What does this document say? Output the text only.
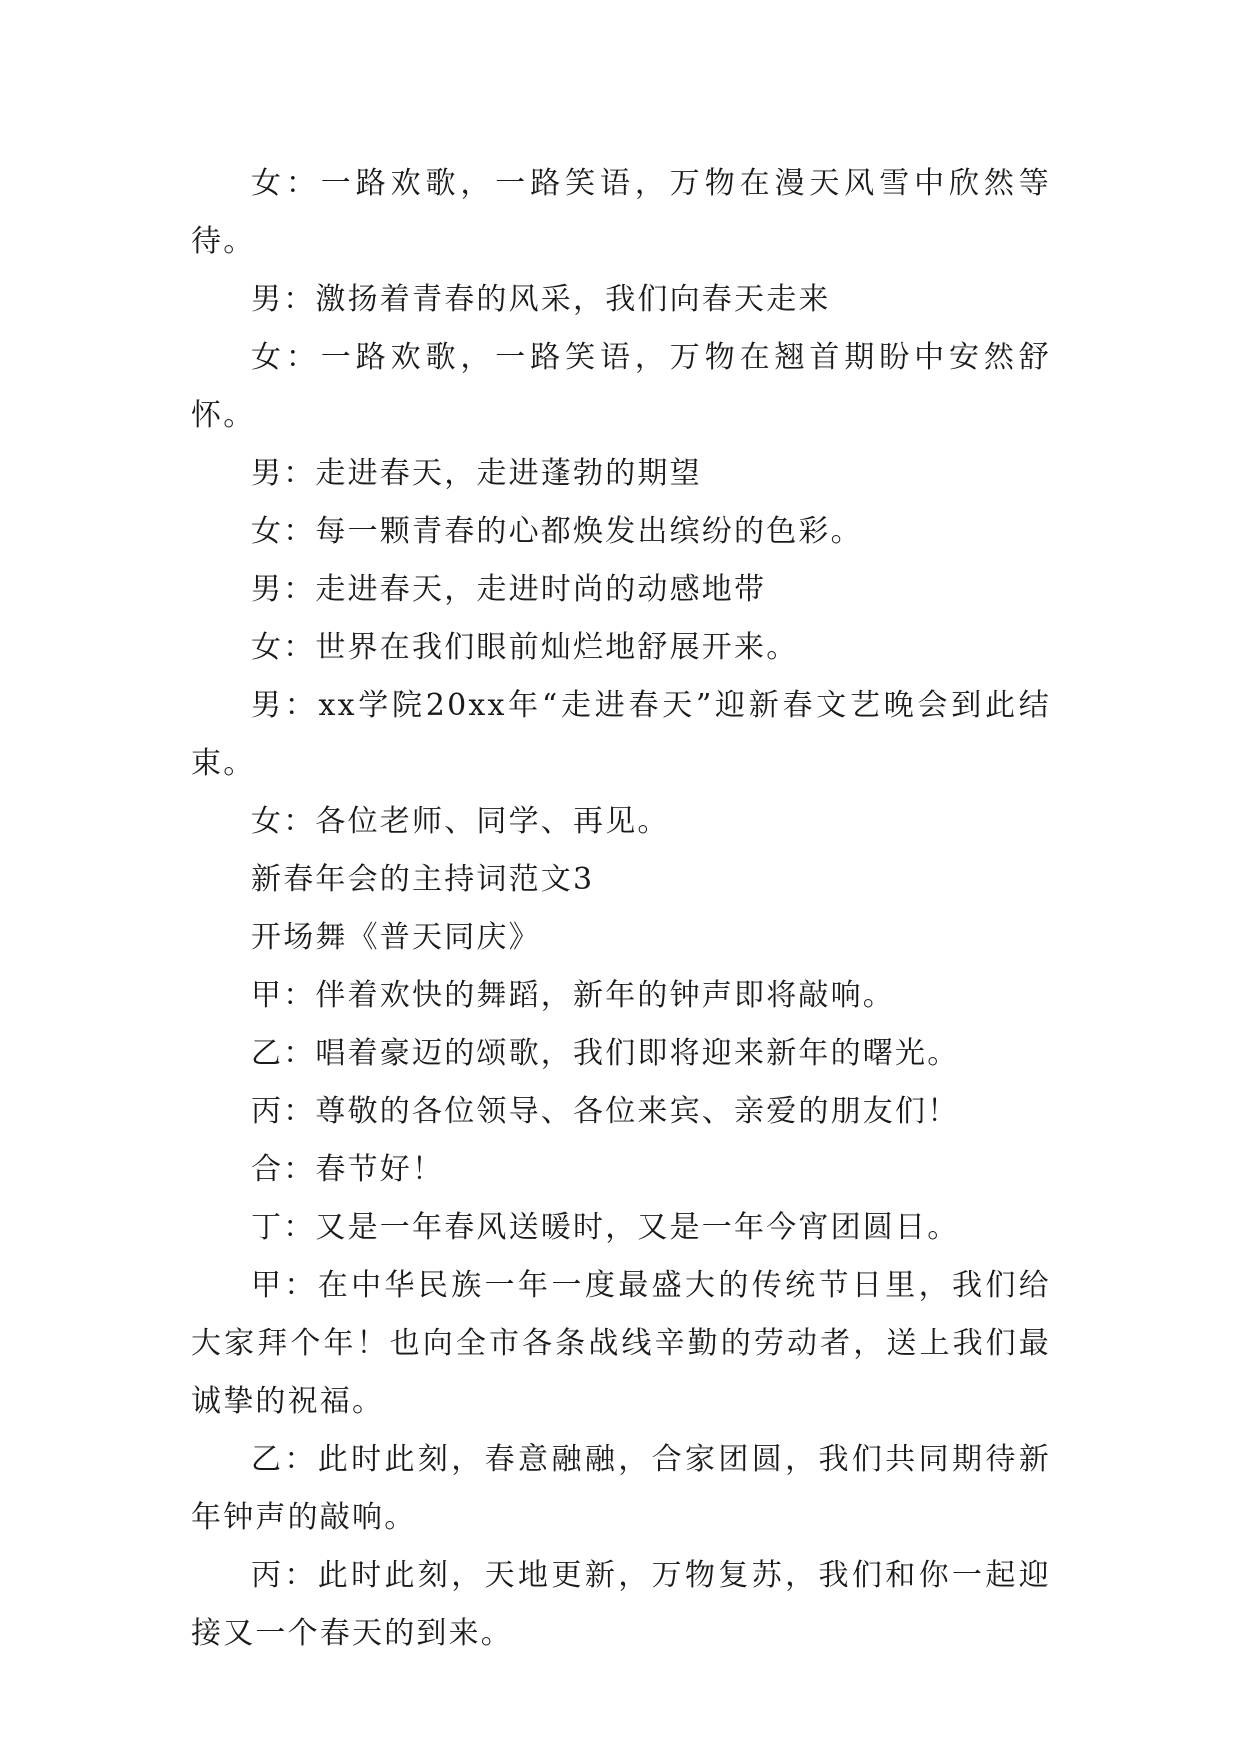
女：一路欢歌，一路笑语，万物在漫天风雪中欣然等待。

男：激扬着青春的风采，我们向春天走来

女：一路欢歌，一路笑语，万物在翘首期盼中安然舒怀。

男：走进春天，走进蓬勃的期望

女：每一颗青春的心都焕发出缤纷的色彩。

男：走进春天，走进时尚的动感地带

女：世界在我们眼前灿烂地舒展开来。

男：xx学院20xx年“走进春天”迎新春文艺晚会到此结束。

女：各位老师、同学、再见。

新春年会的主持词范文3

开场舞《普天同庆》

甲：伴着欢快的舞蹈，新年的钟声即将敲响。

乙：唱着豪迈的颂歌，我们即将迎来新年的曙光。

丙：尊敬的各位领导、各位来宾、亲爱的朋友们！

合：春节好！

丁：又是一年春风送暖时，又是一年今宵团圆日。

甲：在中华民族一年一度最盛大的传统节日里，我们给大家拜个年！也向全市各条战线辛勤的劳动者，送上我们最诚挚的祝福。

乙：此时此刻，春意融融，合家团圆，我们共同期待新年钟声的敲响。

丙：此时此刻，天地更新，万物复苏，我们和你一起迎接又一个春天的到来。
